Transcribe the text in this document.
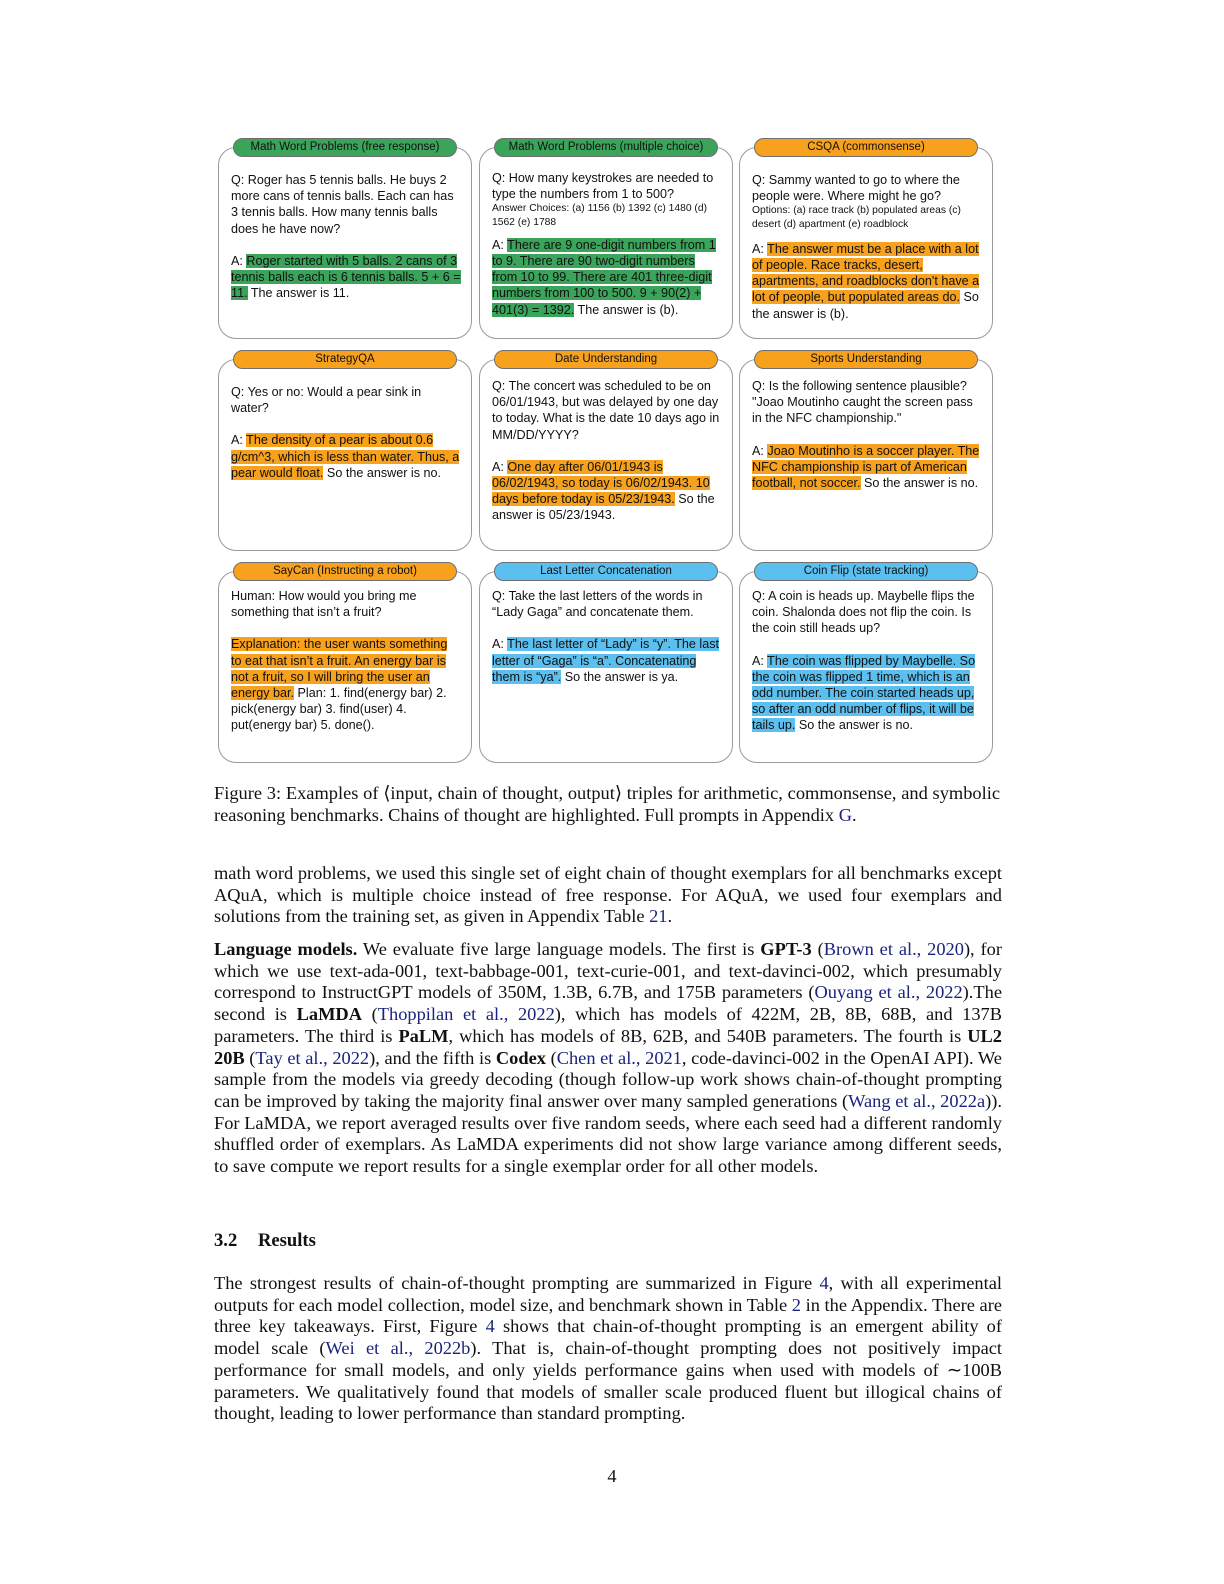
Math Word Problems (free response)

Q: Roger has 5 tennis balls. He buys 2 more cans of tennis balls. Each can has 3 tennis balls. How many tennis balls does he have now?

A: Roger started with 5 balls. 2 cans of 3 tennis balls each is 6 tennis balls. 5 + 6 = 11. The answer is 11.

Math Word Problems (multiple choice)

Q: How many keystrokes are needed to type the numbers from 1 to 500?

Answer Choices: (a) 1156 (b) 1392 (c) 1480 (d) 1562 (e) 1788

A: There are 9 one-digit numbers from 1 to 9. There are 90 two-digit numbers from 10 to 99. There are 401 three-digit numbers from 100 to 500. 9 + 90(2) + 401(3) = 1392. The answer is (b).

CSQA (commonsense)

Q: Sammy wanted to go to where the people were. Where might he go?

Options: (a) race track (b) populated areas (c) desert (d) apartment (e) roadblock

A: The answer must be a place with a lot of people. Race tracks, desert, apartments, and roadblocks don't have a lot of people, but populated areas do. So the answer is (b).

StrategyQA

Q: Yes or no: Would a pear sink in water?

A: The density of a pear is about 0.6 g/cm^3, which is less than water. Thus, a pear would float. So the answer is no.

Date Understanding

Q: The concert was scheduled to be on 06/01/1943, but was delayed by one day to today. What is the date 10 days ago in MM/DD/YYYY?

A: One day after 06/01/1943 is 06/02/1943, so today is 06/02/1943. 10 days before today is 05/23/1943. So the answer is 05/23/1943.

Sports Understanding

Q: Is the following sentence plausible? "Joao Moutinho caught the screen pass in the NFC championship."

A: Joao Moutinho is a soccer player. The NFC championship is part of American football, not soccer. So the answer is no.

SayCan (Instructing a robot)

Human: How would you bring me something that isn’t a fruit?

Explanation: the user wants something to eat that isn’t a fruit. An energy bar is not a fruit, so I will bring the user an energy bar. Plan: 1. find(energy bar) 2. pick(energy bar) 3. find(user) 4. put(energy bar) 5. done().

Last Letter Concatenation

Q: Take the last letters of the words in “Lady Gaga” and concatenate them.

A: The last letter of “Lady” is “y”. The last letter of “Gaga” is “a”. Concatenating them is “ya”. So the answer is ya.

Coin Flip (state tracking)

Q: A coin is heads up. Maybelle flips the coin. Shalonda does not flip the coin. Is the coin still heads up?

A: The coin was flipped by Maybelle. So the coin was flipped 1 time, which is an odd number. The coin started heads up, so after an odd number of flips, it will be tails up. So the answer is no.

Figure 3: Examples of ⟨input, chain of thought, output⟩ triples for arithmetic, commonsense, and symbolic reasoning benchmarks. Chains of thought are highlighted. Full prompts in Appendix G.

math word problems, we used this single set of eight chain of thought exemplars for all benchmarks except AQuA, which is multiple choice instead of free response. For AQuA, we used four exemplars and solutions from the training set, as given in Appendix Table 21.

Language models. We evaluate five large language models. The first is GPT-3 (Brown et al., 2020), for which we use text-ada-001, text-babbage-001, text-curie-001, and text-davinci-002, which presumably correspond to InstructGPT models of 350M, 1.3B, 6.7B, and 175B parameters (Ouyang et al., 2022).The second is LaMDA (Thoppilan et al., 2022), which has models of 422M, 2B, 8B, 68B, and 137B parameters. The third is PaLM, which has models of 8B, 62B, and 540B parameters. The fourth is UL2 20B (Tay et al., 2022), and the fifth is Codex (Chen et al., 2021, code-davinci-002 in the OpenAI API). We sample from the models via greedy decoding (though follow-up work shows chain-of-thought prompting can be improved by taking the majority final answer over many sampled generations (Wang et al., 2022a)). For LaMDA, we report averaged results over five random seeds, where each seed had a different randomly shuffled order of exemplars. As LaMDA experiments did not show large variance among different seeds, to save compute we report results for a single exemplar order for all other models.

3.2 Results

The strongest results of chain-of-thought prompting are summarized in Figure 4, with all experimental outputs for each model collection, model size, and benchmark shown in Table 2 in the Appendix. There are three key takeaways. First, Figure 4 shows that chain-of-thought prompting is an emergent ability of model scale (Wei et al., 2022b). That is, chain-of-thought prompting does not positively impact performance for small models, and only yields performance gains when used with models of ∼100B parameters. We qualitatively found that models of smaller scale produced fluent but illogical chains of thought, leading to lower performance than standard prompting.

4
